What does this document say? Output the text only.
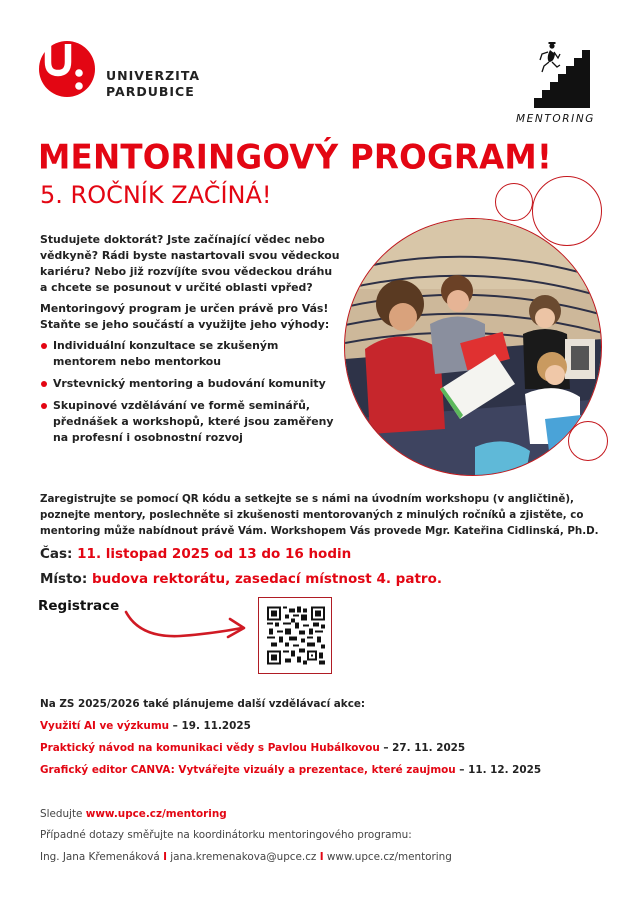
UNIVERZITA
PARDUBICE
MENTORING
MENTORINGOVÝ PROGRAM!
5. ROČNÍK ZAČÍNÁ!

Studujete doktorát? Jste začínající vědec nebo vědkyně? Rádi byste nastartovali svou vědeckou kariéru? Nebo již rozvíjíte svou vědeckou dráhu a chcete se posunout v určité oblasti vpřed?

Mentoringový program je určen právě pro Vás! Staňte se jeho součástí a využijte jeho výhody:

Individuální konzultace se zkušeným mentorem nebo mentorkou
Vrstevnický mentoring a budování komunity
Skupinové vzdělávání ve formě seminářů, přednášek a workshopů, které jsou zaměřeny na profesní i osobnostní rozvoj
Zaregistrujte se pomocí QR kódu a setkejte se s námi na úvodním workshopu (v angličtině), poznejte mentory, poslechněte si zkušenosti mentorovaných z minulých ročníků a zjistěte, co mentoring může nabídnout právě Vám. Workshopem Vás provede Mgr. Kateřina Cidlinská, Ph.D.
Čas: 11. listopad 2025 od 13 do 16 hodin
Místo: budova rektorátu, zasedací místnost 4. patro.
Registrace
Na ZS 2025/2026 také plánujeme další vzdělávací akce:
Využití AI ve výzkumu – 19. 11.2025
Praktický návod na komunikaci vědy s Pavlou Hubálkovou – 27. 11. 2025
Grafický editor CANVA: Vytvářejte vizuály a prezentace, které zaujmou – 11. 12. 2025
Sledujte www.upce.cz/mentoring
Případné dotazy směřujte na koordinátorku mentoringového programu:
Ing. Jana Křemenáková I jana.kremenakova@upce.cz I www.upce.cz/mentoring
